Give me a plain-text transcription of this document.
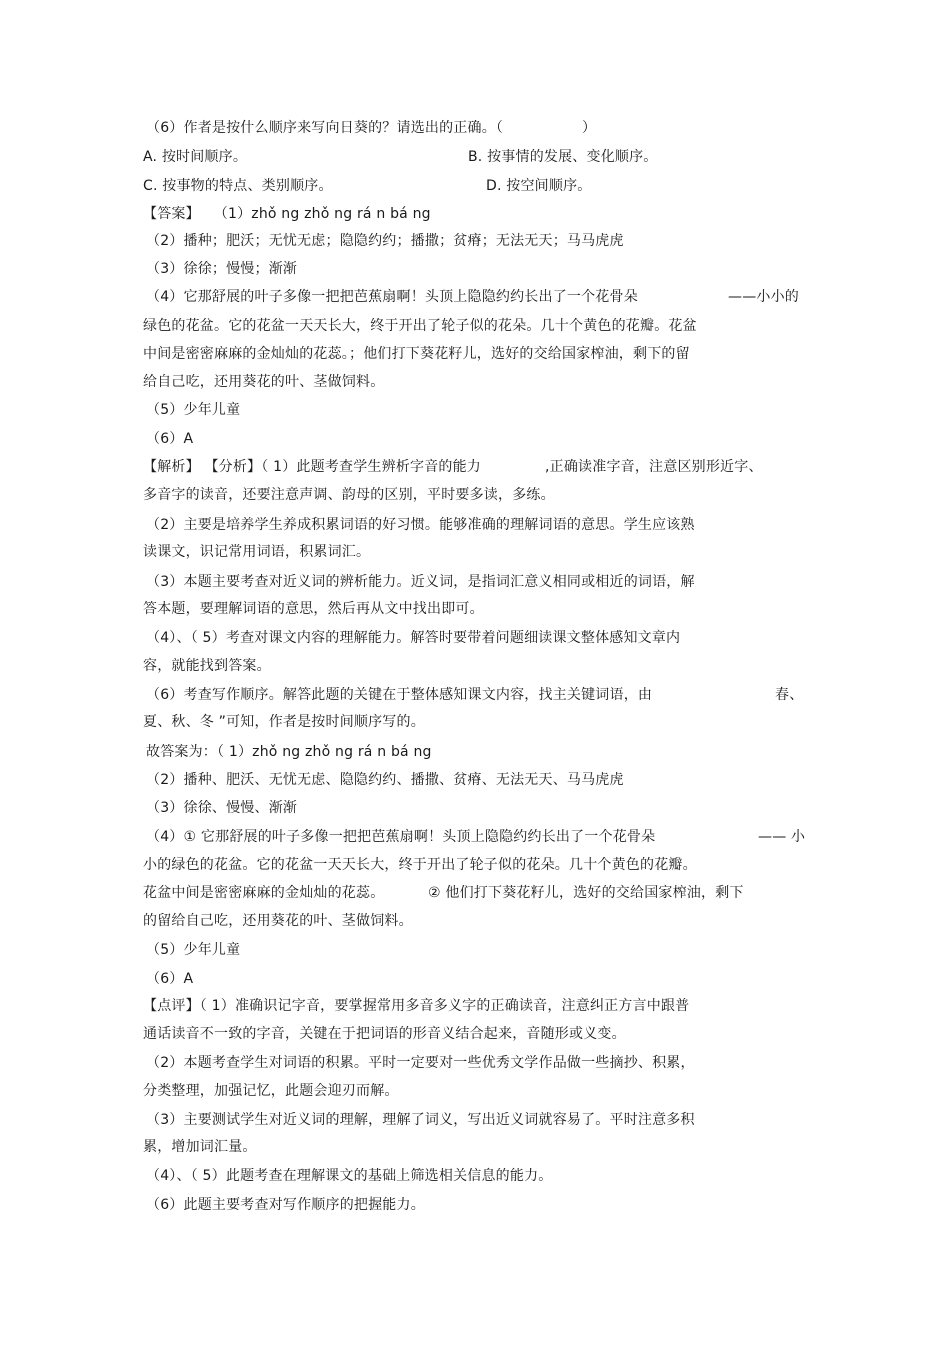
（6）作者是按什么顺序来写向日葵的？请选出的正确。（	）
A. 按时间顺序。	B. 按事情的发展、变化顺序。
C. 按事物的特点、类别顺序。	D. 按空间顺序。
【答案】 （1）zhǒ ng zhǒ ng rá n bá ng
（2）播种；肥沃；无忧无虑；隐隐约约；播撒；贫瘠；无法无天；马马虎虎
（3）徐徐；慢慢；渐渐
（4）它那舒展的叶子多像一把把芭蕉扇啊！头顶上隐隐约约长出了一个花骨朵	——小小的
绿色的花盆。它的花盆一天天长大，终于开出了轮子似的花朵。几十个黄色的花瓣。花盆
中间是密密麻麻的金灿灿的花蕊。；他们打下葵花籽儿，选好的交给国家榨油，剩下的留
给自己吃，还用葵花的叶、茎做饲料。
（5）少年儿童
（6）A
【解析】 【分析】（ 1）此题考查学生辨析字音的能力	,正确读准字音，注意区别形近字、
多音字的读音，还要注意声调、韵母的区别，平时要多读，多练。
（2）主要是培养学生养成积累词语的好习惯。能够准确的理解词语的意思。学生应该熟
读课文，识记常用词语，积累词汇。
（3）本题主要考查对近义词的辨析能力。近义词，是指词汇意义相同或相近的词语，解
答本题，要理解词语的意思，然后再从文中找出即可。
（4）、（ 5）考查对课文内容的理解能力。解答时要带着问题细读课文整体感知文章内
容，就能找到答案。
（6）考查写作顺序。解答此题的关键在于整体感知课文内容，找主关键词语，由	春、
夏、秋、冬 ”可知，作者是按时间顺序写的。
故答案为：（ 1）zhǒ ng zhǒ ng rá n bá ng
（2）播种、肥沃、无忧无虑、隐隐约约、播撒、贫瘠、无法无天、马马虎虎
（3）徐徐、慢慢、渐渐
（4）① 它那舒展的叶子多像一把把芭蕉扇啊！头顶上隐隐约约长出了一个花骨朵	—— 小
小的绿色的花盆。它的花盆一天天长大，终于开出了轮子似的花朵。几十个黄色的花瓣。
花盆中间是密密麻麻的金灿灿的花蕊。	② 他们打下葵花籽儿，选好的交给国家榨油，剩下
的留给自己吃，还用葵花的叶、茎做饲料。
（5）少年儿童
（6）A
【点评】（ 1）准确识记字音，要掌握常用多音多义字的正确读音，注意纠正方言中跟普
通话读音不一致的字音，关键在于把词语的形音义结合起来，音随形或义变。
（2）本题考查学生对词语的积累。平时一定要对一些优秀文学作品做一些摘抄、积累，
分类整理，加强记忆，此题会迎刃而解。
（3）主要测试学生对近义词的理解，理解了词义，写出近义词就容易了。平时注意多积
累，增加词汇量。
（4）、（ 5）此题考查在理解课文的基础上筛选相关信息的能力。
（6）此题主要考查对写作顺序的把握能力。
